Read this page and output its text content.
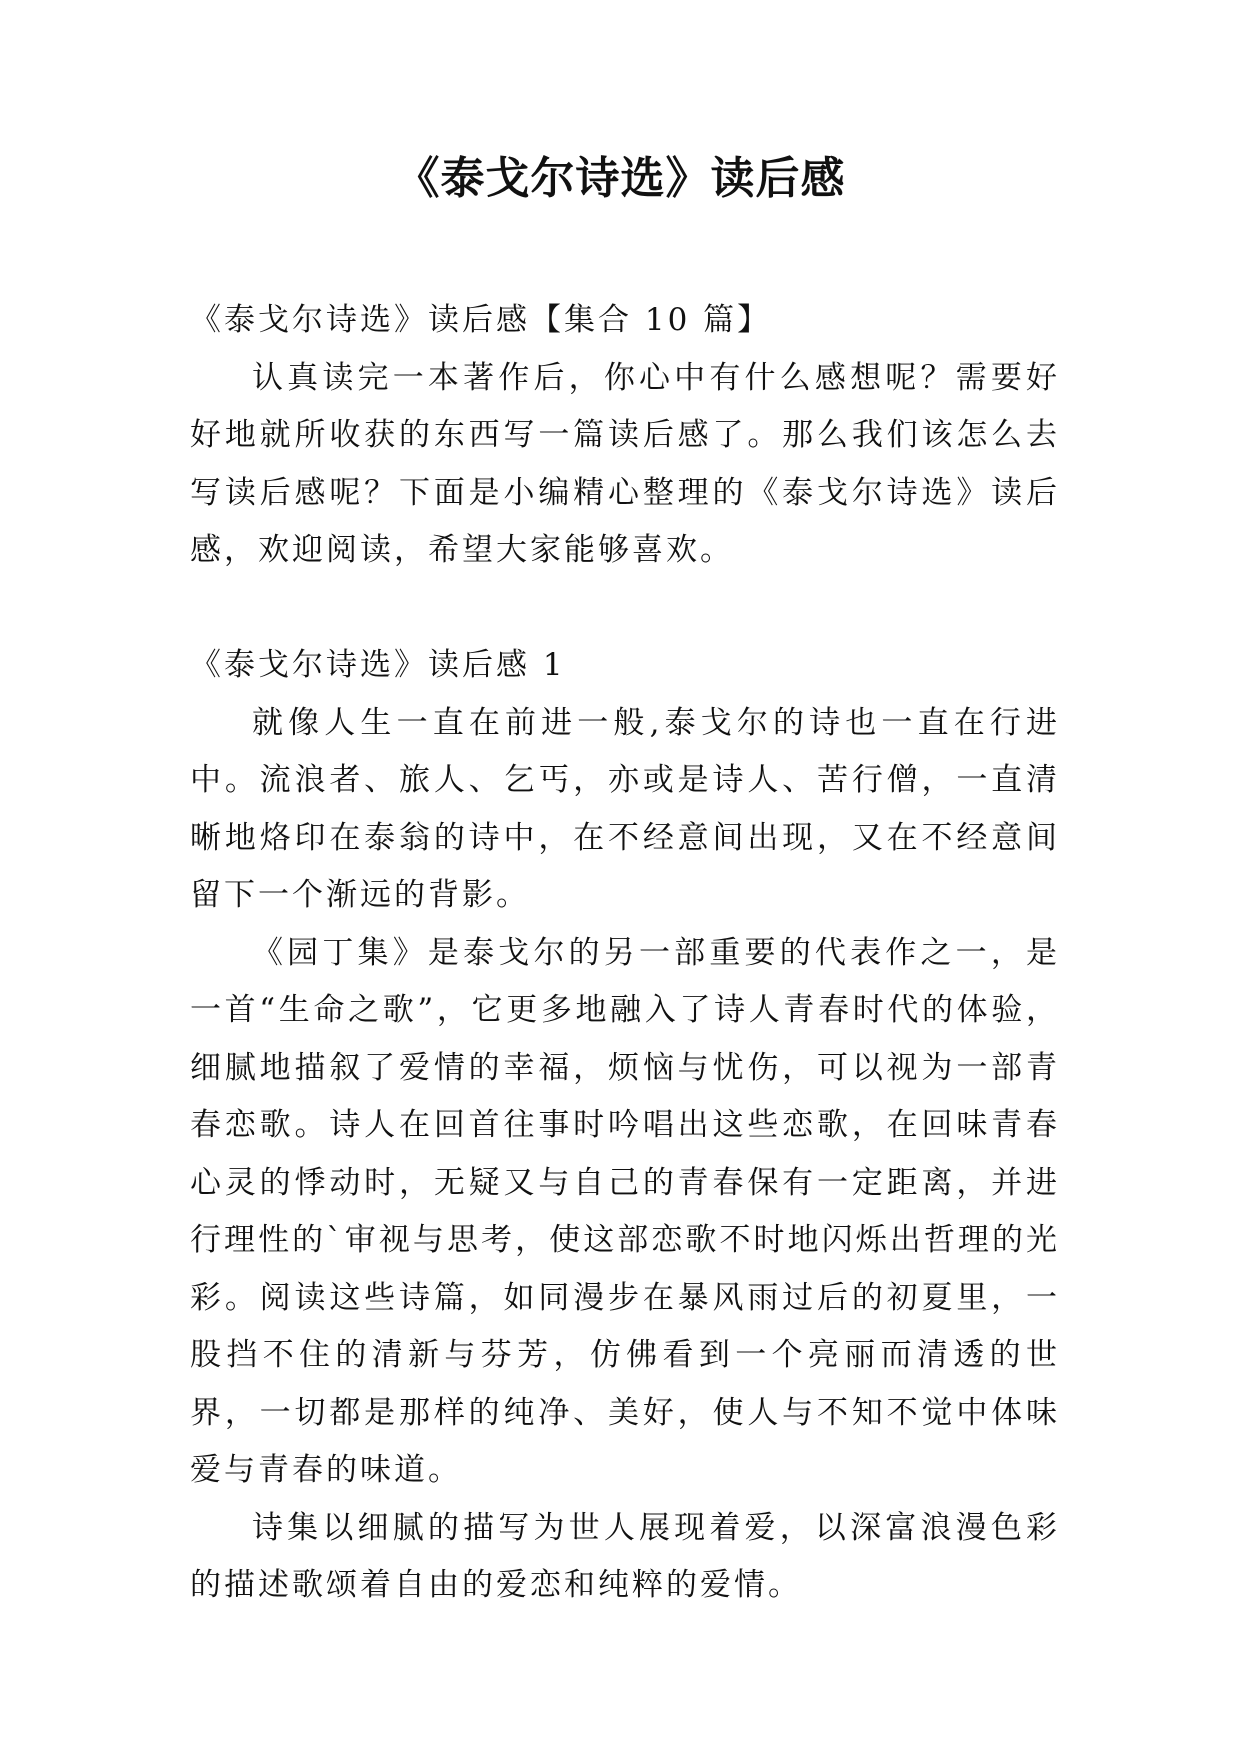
《泰戈尔诗选》读后感

《泰戈尔诗选》读后感【集合 10 篇】

认真读完一本著作后，你心中有什么感想呢？需要好好地就所收获的东西写一篇读后感了。那么我们该怎么去写读后感呢？下面是小编精心整理的《泰戈尔诗选》读后感，欢迎阅读，希望大家能够喜欢。

《泰戈尔诗选》读后感 1

就像人生一直在前进一般,泰戈尔的诗也一直在行进中。流浪者、旅人、乞丐，亦或是诗人、苦行僧，一直清晰地烙印在泰翁的诗中，在不经意间出现，又在不经意间留下一个渐远的背影。

《园丁集》是泰戈尔的另一部重要的代表作之一，是一首“生命之歌”，它更多地融入了诗人青春时代的体验，细腻地描叙了爱情的幸福，烦恼与忧伤，可以视为一部青春恋歌。诗人在回首往事时吟唱出这些恋歌，在回味青春心灵的悸动时，无疑又与自己的青春保有一定距离，并进行理性的`审视与思考，使这部恋歌不时地闪烁出哲理的光彩。阅读这些诗篇，如同漫步在暴风雨过后的初夏里，一股挡不住的清新与芬芳，仿佛看到一个亮丽而清透的世界，一切都是那样的纯净、美好，使人与不知不觉中体味爱与青春的味道。

诗集以细腻的描写为世人展现着爱，以深富浪漫色彩的描述歌颂着自由的爱恋和纯粹的爱情。
